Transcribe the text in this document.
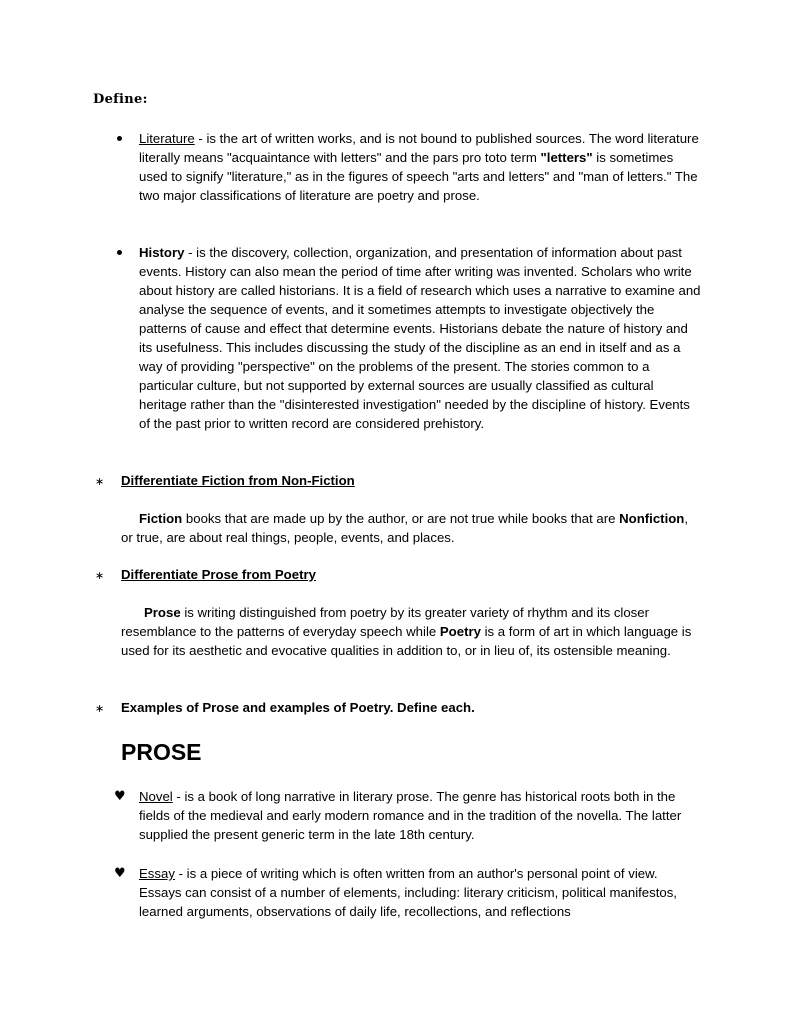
Define:
Literature - is the art of written works, and is not bound to published sources. The word literature literally means "acquaintance with letters" and the pars pro toto term "letters" is sometimes used to signify "literature," as in the figures of speech "arts and letters" and "man of letters." The two major classifications of literature are poetry and prose.
History - is the discovery, collection, organization, and presentation of information about past events. History can also mean the period of time after writing was invented. Scholars who write about history are called historians. It is a field of research which uses a narrative to examine and analyse the sequence of events, and it sometimes attempts to investigate objectively the patterns of cause and effect that determine events. Historians debate the nature of history and its usefulness. This includes discussing the study of the discipline as an end in itself and as a way of providing "perspective" on the problems of the present. The stories common to a particular culture, but not supported by external sources are usually classified as cultural heritage rather than the "disinterested investigation" needed by the discipline of history. Events of the past prior to written record are considered prehistory.
∗ Differentiate Fiction from Non-Fiction
Fiction books that are made up by the author, or are not true while books that are Nonfiction, or true, are about real things, people, events, and places.
∗ Differentiate Prose from Poetry
Prose is writing distinguished from poetry by its greater variety of rhythm and its closer resemblance to the patterns of everyday speech while Poetry is a form of art in which language is used for its aesthetic and evocative qualities in addition to, or in lieu of, its ostensible meaning.
∗ Examples of Prose and examples of Poetry. Define each.
PROSE
♥ Novel - is a book of long narrative in literary prose. The genre has historical roots both in the fields of the medieval and early modern romance and in the tradition of the novella. The latter supplied the present generic term in the late 18th century.
♥ Essay - is a piece of writing which is often written from an author's personal point of view. Essays can consist of a number of elements, including: literary criticism, political manifestos, learned arguments, observations of daily life, recollections, and reflections
